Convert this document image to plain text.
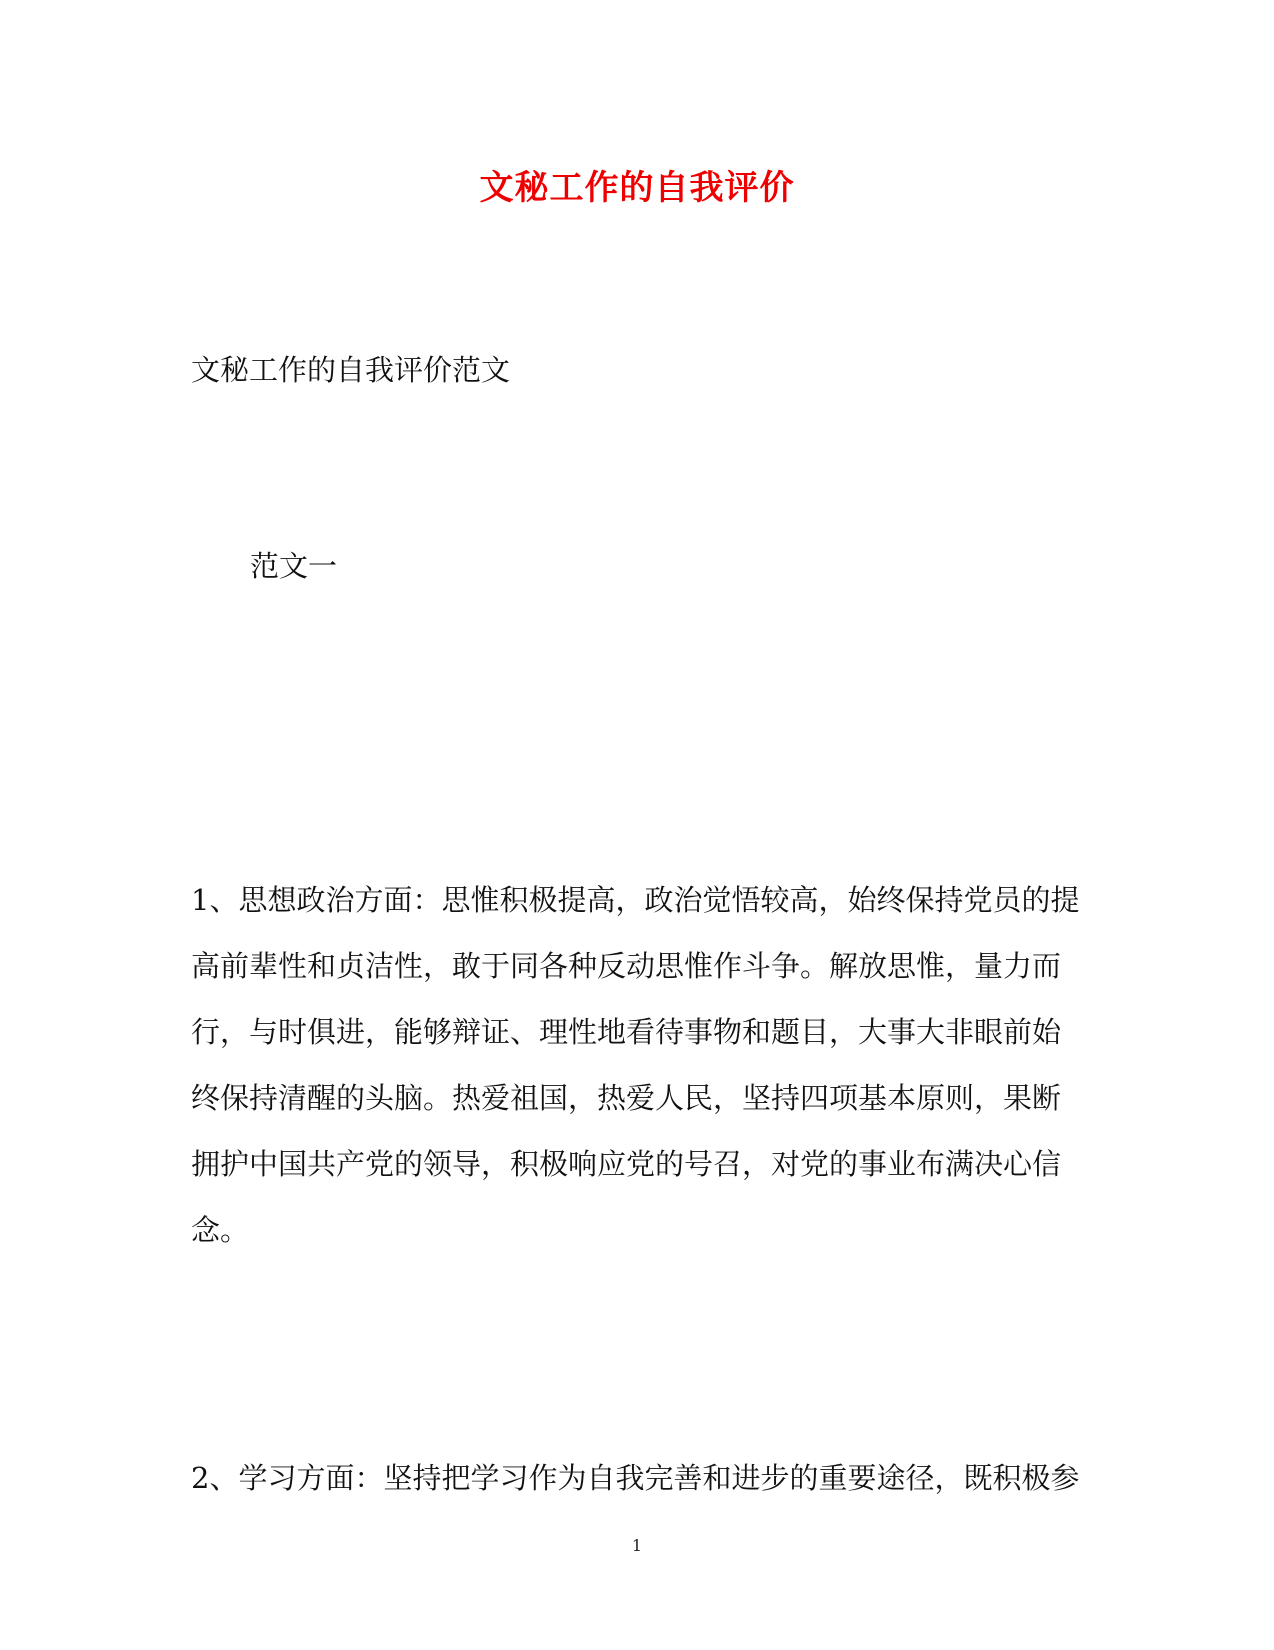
文秘工作的自我评价
文秘工作的自我评价范文
范文一
1、思想政治方面：思惟积极提高，政治觉悟较高，始终保持党员的提
高前辈性和贞洁性，敢于同各种反动思惟作斗争。解放思惟，量力而
行，与时俱进，能够辩证、理性地看待事物和题目，大事大非眼前始
终保持清醒的头脑。热爱祖国，热爱人民，坚持四项基本原则，果断
拥护中国共产党的领导，积极响应党的号召，对党的事业布满决心信
念。
2、学习方面：坚持把学习作为自我完善和进步的重要途径，既积极参
1
